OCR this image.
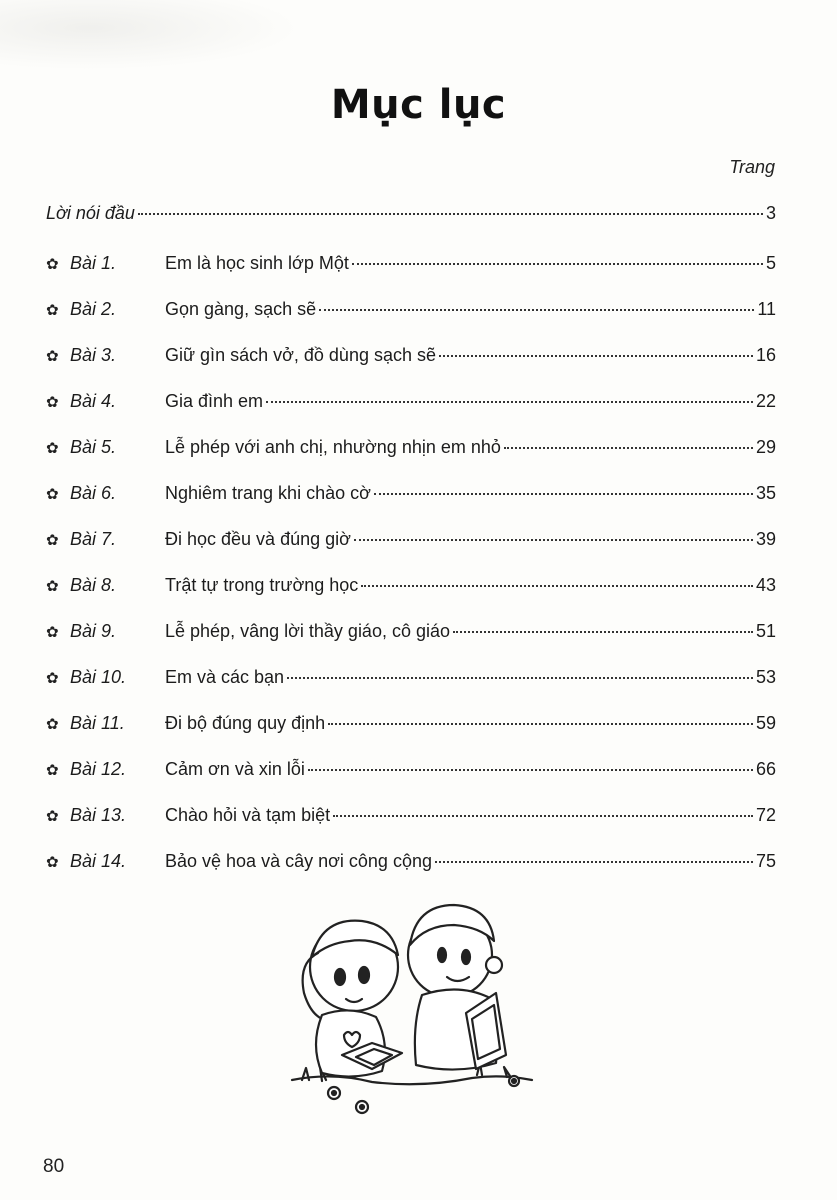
Mục lục
Trang
Lời nói đầu	3
✿ Bài 1.	Em là học sinh lớp Một	5
✿ Bài 2.	Gọn gàng, sạch sẽ	11
✿ Bài 3.	Giữ gìn sách vở, đồ dùng sạch sẽ	16
✿ Bài 4.	Gia đình em	22
✿ Bài 5.	Lễ phép với anh chị, nhường nhịn em nhỏ	29
✿ Bài 6.	Nghiêm trang khi chào cờ	35
✿ Bài 7.	Đi học đều và đúng giờ	39
✿ Bài 8.	Trật tự trong trường học	43
✿ Bài 9.	Lễ phép, vâng lời thầy giáo, cô giáo	51
✿ Bài 10.	Em và các bạn	53
✿ Bài 11.	Đi bộ đúng quy định	59
✿ Bài 12.	Cảm ơn và xin lỗi	66
✿ Bài 13.	Chào hỏi và tạm biệt	72
✿ Bài 14.	Bảo vệ hoa và cây nơi công cộng	75
80
